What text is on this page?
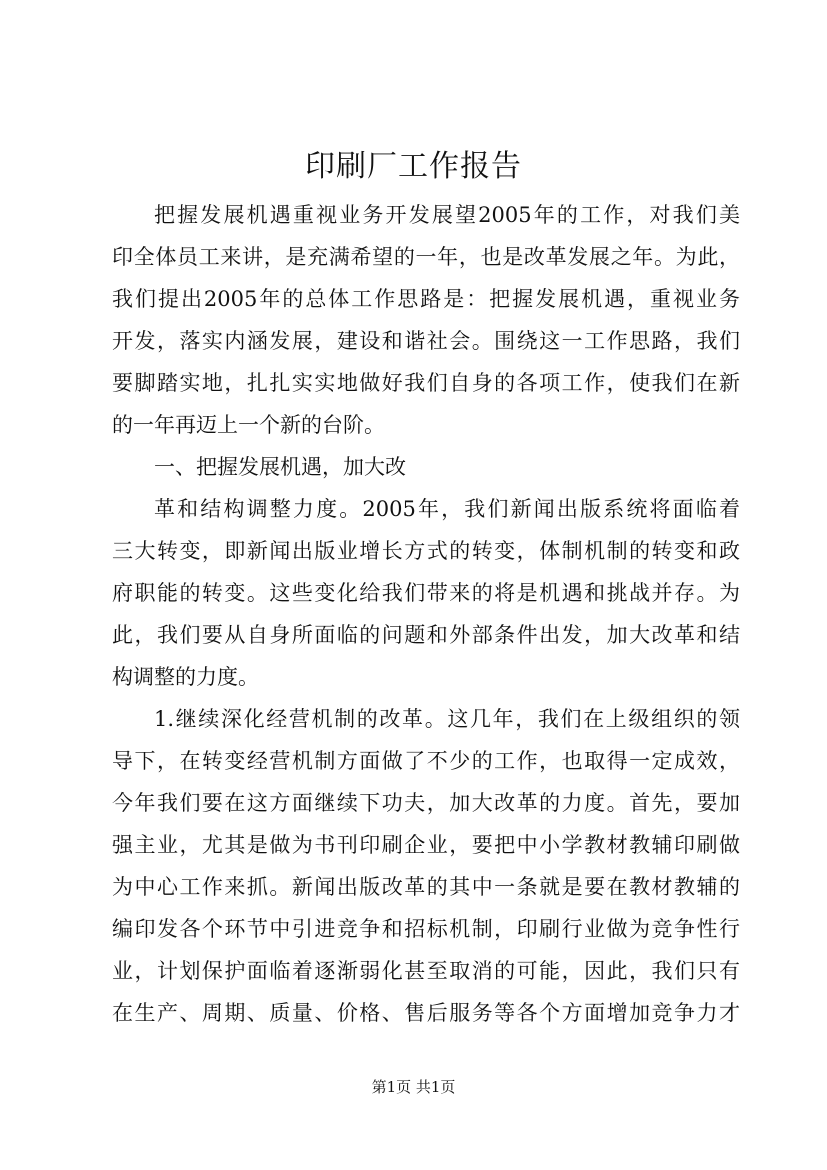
印刷厂工作报告
把握发展机遇重视业务开发展望2005年的工作，对我们美
印全体员工来讲，是充满希望的一年，也是改革发展之年。为此，
我们提出2005年的总体工作思路是：把握发展机遇，重视业务
开发，落实内涵发展，建设和谐社会。围绕这一工作思路，我们
要脚踏实地，扎扎实实地做好我们自身的各项工作，使我们在新
的一年再迈上一个新的台阶。
一、把握发展机遇，加大改
革和结构调整力度。2005年，我们新闻出版系统将面临着
三大转变，即新闻出版业增长方式的转变，体制机制的转变和政
府职能的转变。这些变化给我们带来的将是机遇和挑战并存。为
此，我们要从自身所面临的问题和外部条件出发，加大改革和结
构调整的力度。
1.继续深化经营机制的改革。这几年，我们在上级组织的领
导下，在转变经营机制方面做了不少的工作，也取得一定成效，
今年我们要在这方面继续下功夫，加大改革的力度。首先，要加
强主业，尤其是做为书刊印刷企业，要把中小学教材教辅印刷做
为中心工作来抓。新闻出版改革的其中一条就是要在教材教辅的
编印发各个环节中引进竞争和招标机制，印刷行业做为竞争性行
业，计划保护面临着逐渐弱化甚至取消的可能，因此，我们只有
在生产、周期、质量、价格、售后服务等各个方面增加竞争力才
第1页 共1页
